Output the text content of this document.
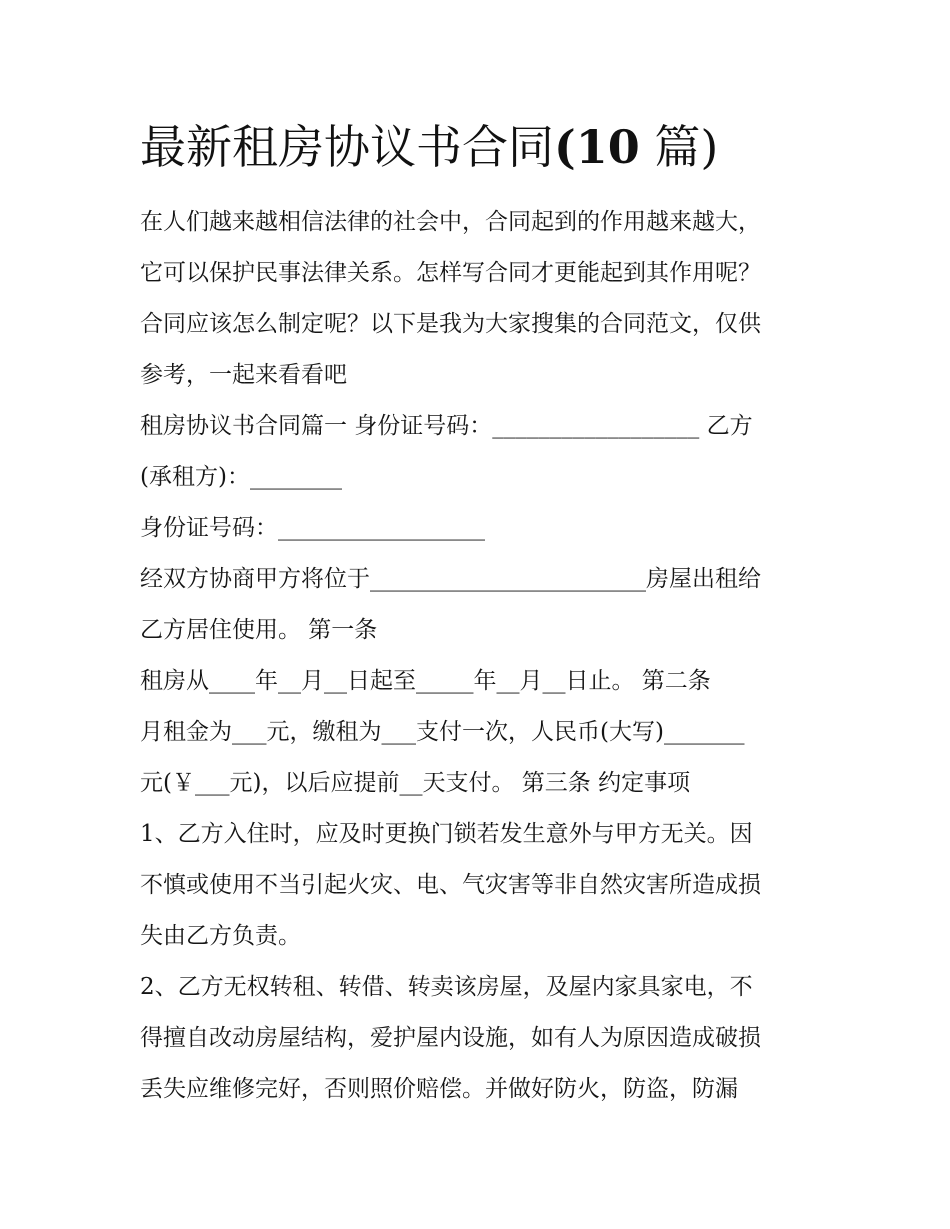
最新租房协议书合同(10 篇)
在人们越来越相信法律的社会中，合同起到的作用越来越大，
它可以保护民事法律关系。怎样写合同才更能起到其作用呢？
合同应该怎么制定呢？以下是我为大家搜集的合同范文，仅供
参考，一起来看看吧
租房协议书合同篇一 身份证号码：__________________ 乙方
(承租方)：________
身份证号码：__________________
经双方协商甲方将位于________________________房屋出租给
乙方居住使用。 第一条
租房从____年__月__日起至_____年__月__日止。 第二条
月租金为___元，缴租为___支付一次，人民币(大写)_______
元(￥___元)，以后应提前__天支付。 第三条 约定事项
1、乙方入住时，应及时更换门锁若发生意外与甲方无关。因
不慎或使用不当引起火灾、电、气灾害等非自然灾害所造成损
失由乙方负责。
2、乙方无权转租、转借、转卖该房屋，及屋内家具家电，不
得擅自改动房屋结构，爱护屋内设施，如有人为原因造成破损
丢失应维修完好，否则照价赔偿。并做好防火，防盗，防漏
